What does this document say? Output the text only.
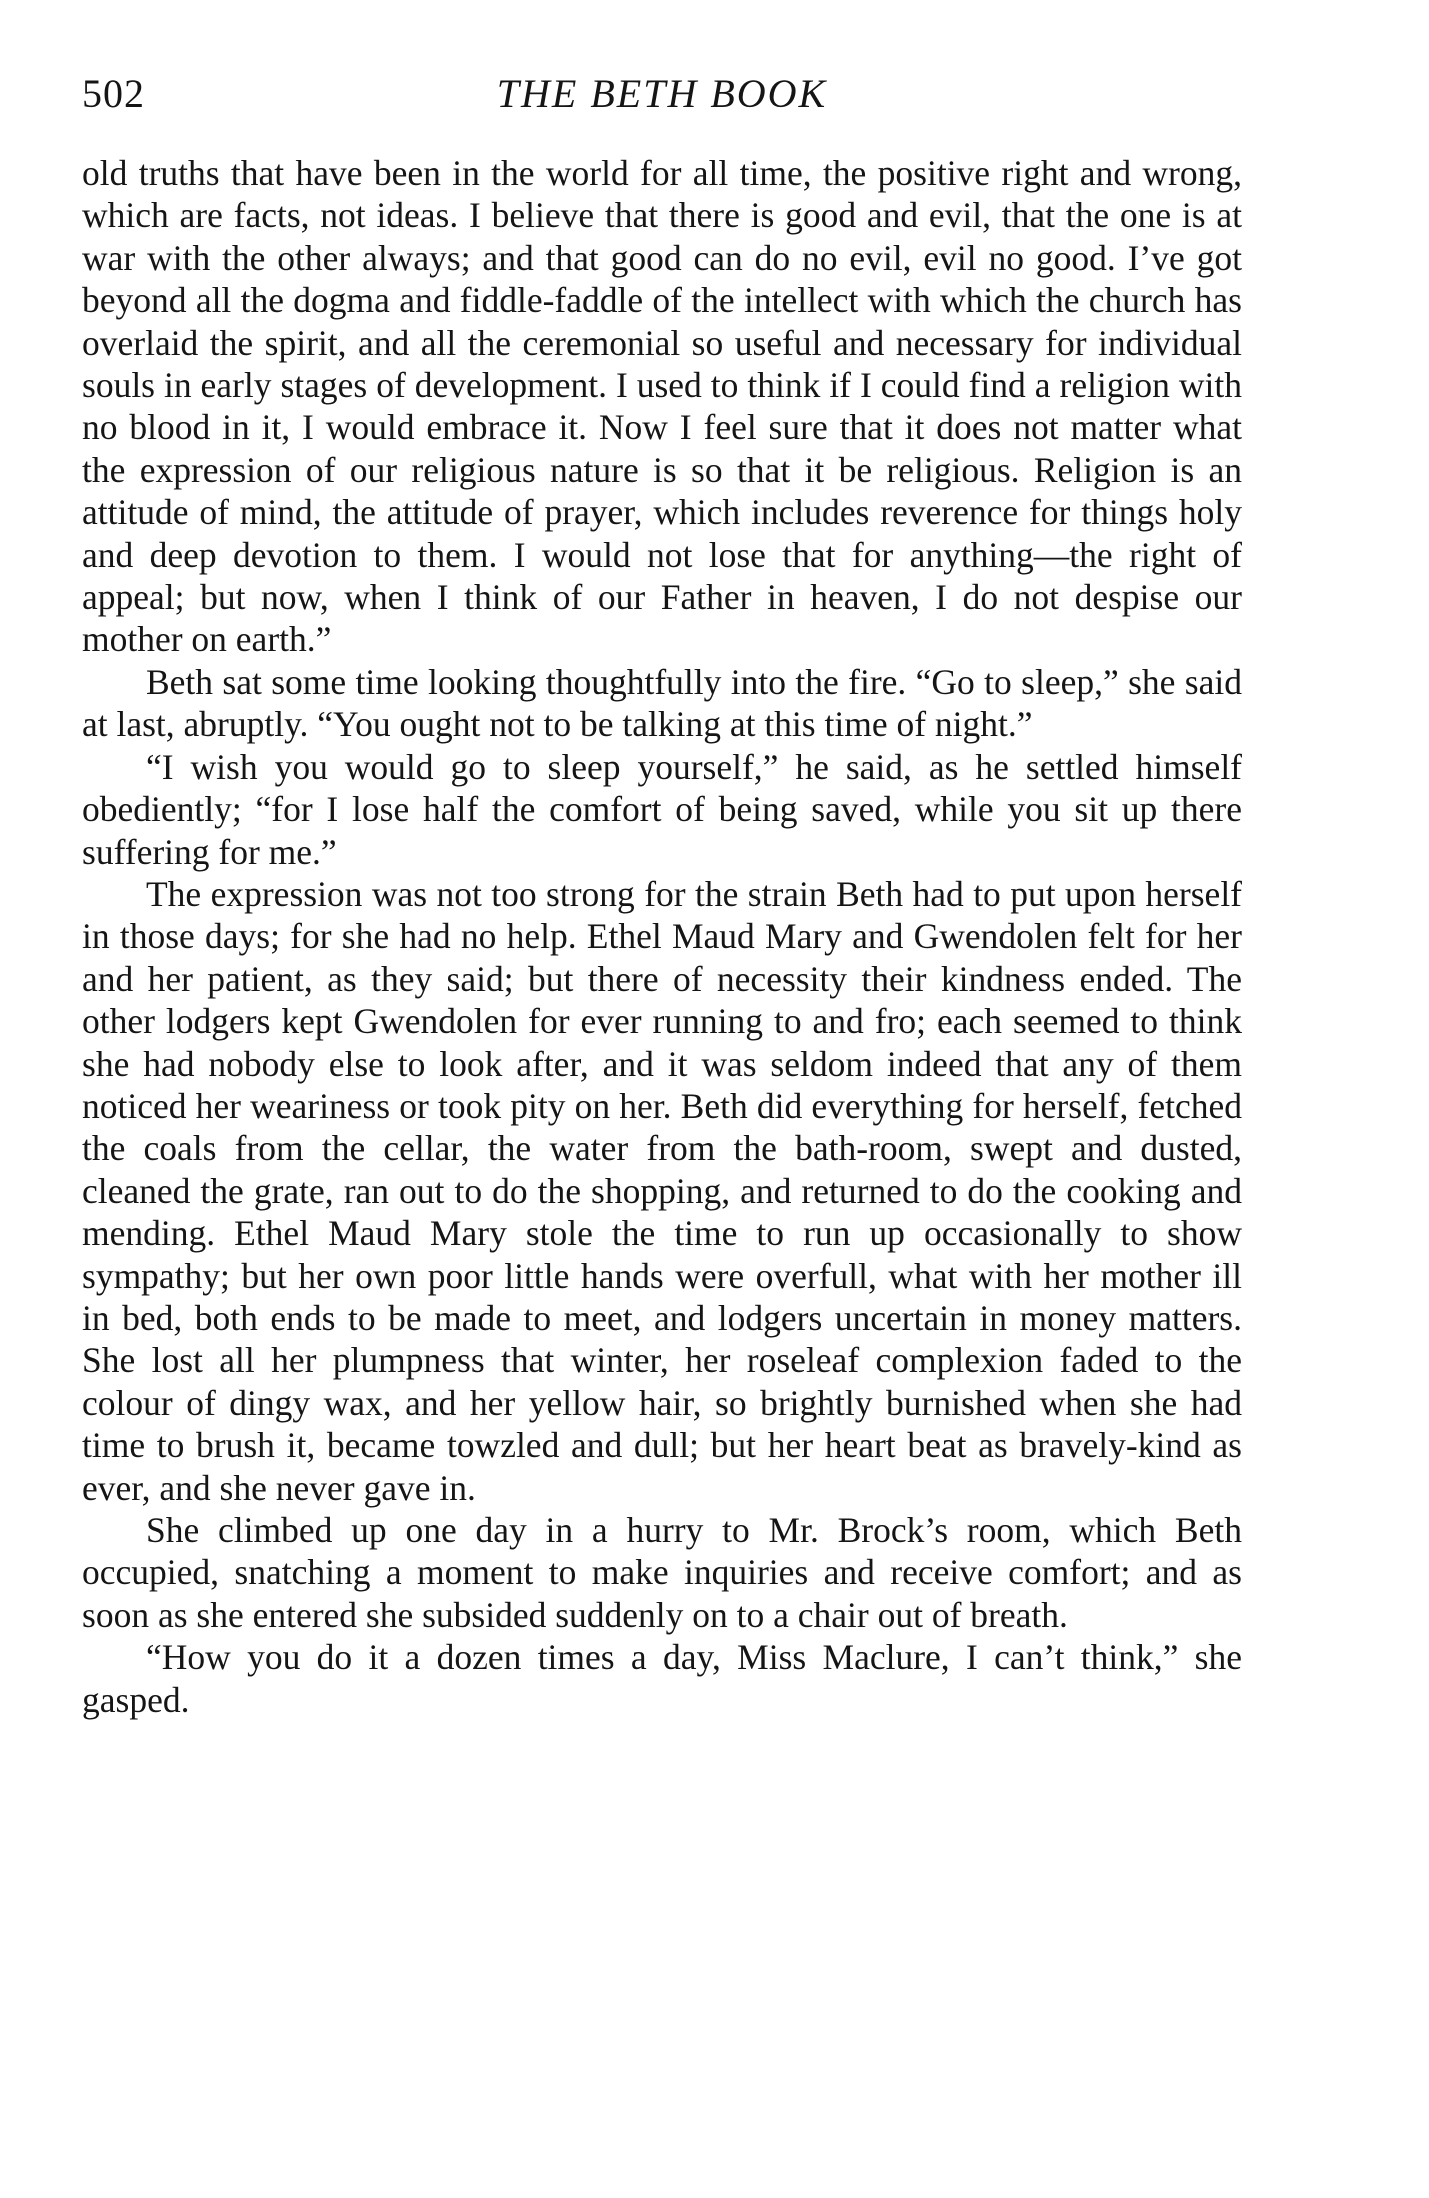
502	THE BETH BOOK

old truths that have been in the world for all time, the positive right and wrong, which are facts, not ideas. I believe that there is good and evil, that the one is at war with the other always; and that good can do no evil, evil no good. I’ve got beyond all the dogma and fiddle-faddle of the intellect with which the church has overlaid the spirit, and all the ceremonial so useful and necessary for individual souls in early stages of development. I used to think if I could find a religion with no blood in it, I would embrace it. Now I feel sure that it does not matter what the expression of our religious nature is so that it be religious. Religion is an attitude of mind, the attitude of prayer, which includes reverence for things holy and deep devotion to them. I would not lose that for anything—the right of appeal; but now, when I think of our Father in heaven, I do not despise our mother on earth.”

Beth sat some time looking thoughtfully into the fire. “Go to sleep,” she said at last, abruptly. “You ought not to be talking at this time of night.”

“I wish you would go to sleep yourself,” he said, as he settled himself obediently; “for I lose half the comfort of being saved, while you sit up there suffering for me.”

The expression was not too strong for the strain Beth had to put upon herself in those days; for she had no help. Ethel Maud Mary and Gwendolen felt for her and her patient, as they said; but there of necessity their kindness ended. The other lodgers kept Gwendolen for ever running to and fro; each seemed to think she had nobody else to look after, and it was seldom indeed that any of them noticed her weariness or took pity on her. Beth did everything for herself, fetched the coals from the cellar, the water from the bath-room, swept and dusted, cleaned the grate, ran out to do the shopping, and returned to do the cooking and mending. Ethel Maud Mary stole the time to run up occasionally to show sympathy; but her own poor little hands were overfull, what with her mother ill in bed, both ends to be made to meet, and lodgers uncertain in money matters. She lost all her plumpness that winter, her roseleaf complexion faded to the colour of dingy wax, and her yellow hair, so brightly burnished when she had time to brush it, became towzled and dull; but her heart beat as bravely-kind as ever, and she never gave in.

She climbed up one day in a hurry to Mr. Brock’s room, which Beth occupied, snatching a moment to make inquiries and receive comfort; and as soon as she entered she subsided suddenly on to a chair out of breath.

“How you do it a dozen times a day, Miss Maclure, I can’t think,” she gasped.
